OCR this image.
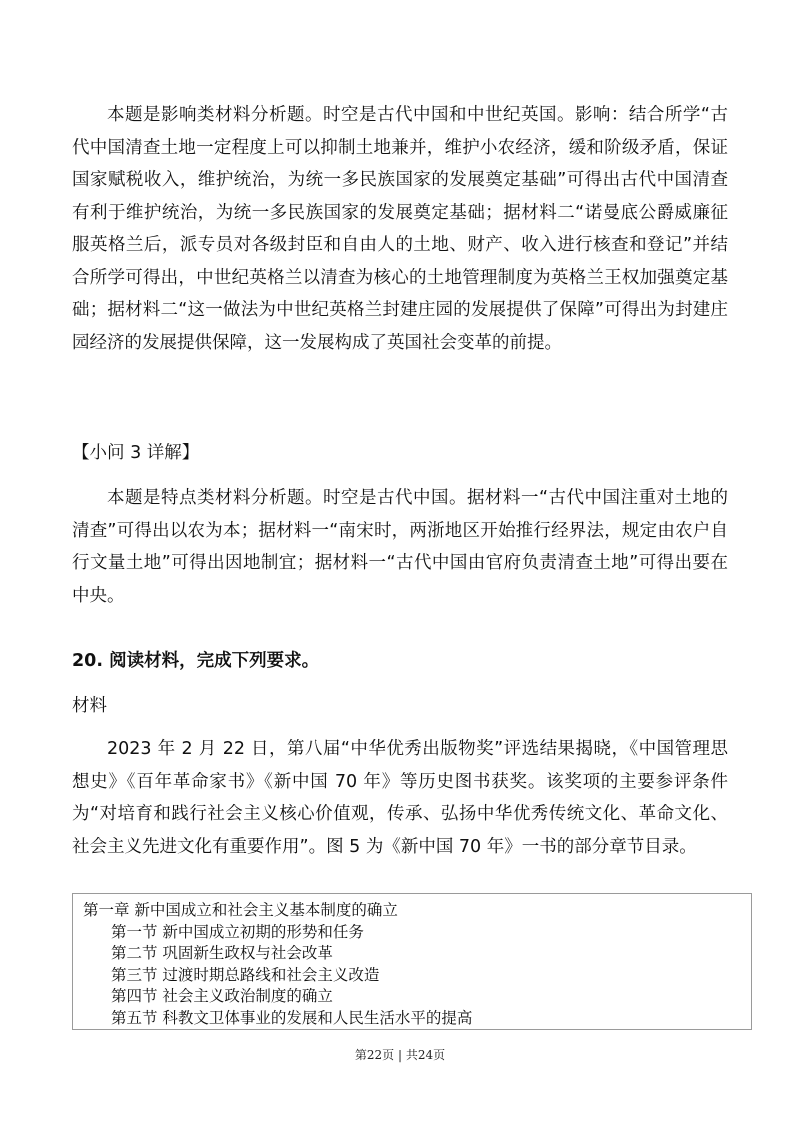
本题是影响类材料分析题。时空是古代中国和中世纪英国。影响：结合所学“古代中国清查土地一定程度上可以抑制土地兼并，维护小农经济，缓和阶级矛盾，保证国家赋税收入，维护统治，为统一多民族国家的发展奠定基础”可得出古代中国清查有利于维护统治，为统一多民族国家的发展奠定基础；据材料二“诺曼底公爵威廉征服英格兰后，派专员对各级封臣和自由人的土地、财产、收入进行核查和登记”并结合所学可得出，中世纪英格兰以清查为核心的土地管理制度为英格兰王权加强奠定基础；据材料二“这一做法为中世纪英格兰封建庄园的发展提供了保障”可得出为封建庄园经济的发展提供保障，这一发展构成了英国社会变革的前提。

【小问 3 详解】

本题是特点类材料分析题。时空是古代中国。据材料一“古代中国注重对土地的清查”可得出以农为本；据材料一“南宋时，两浙地区开始推行经界法，规定由农户自行文量土地”可得出因地制宜；据材料一“古代中国由官府负责清查土地”可得出要在中央。

20. 阅读材料，完成下列要求。

材料

2023 年 2 月 22 日，第八届“中华优秀出版物奖”评选结果揭晓，《中国管理思想史》《百年革命家书》《新中国 70 年》等历史图书获奖。该奖项的主要参评条件为“对培育和践行社会主义核心价值观，传承、弘扬中华优秀传统文化、革命文化、社会主义先进文化有重要作用”。图 5 为《新中国 70 年》一书的部分章节目录。

第一章 新中国成立和社会主义基本制度的确立
第一节 新中国成立初期的形势和任务
第二节 巩固新生政权与社会改革
第三节 过渡时期总路线和社会主义改造
第四节 社会主义政治制度的确立
第五节 科教文卫体事业的发展和人民生活水平的提高
第22页 | 共24页
